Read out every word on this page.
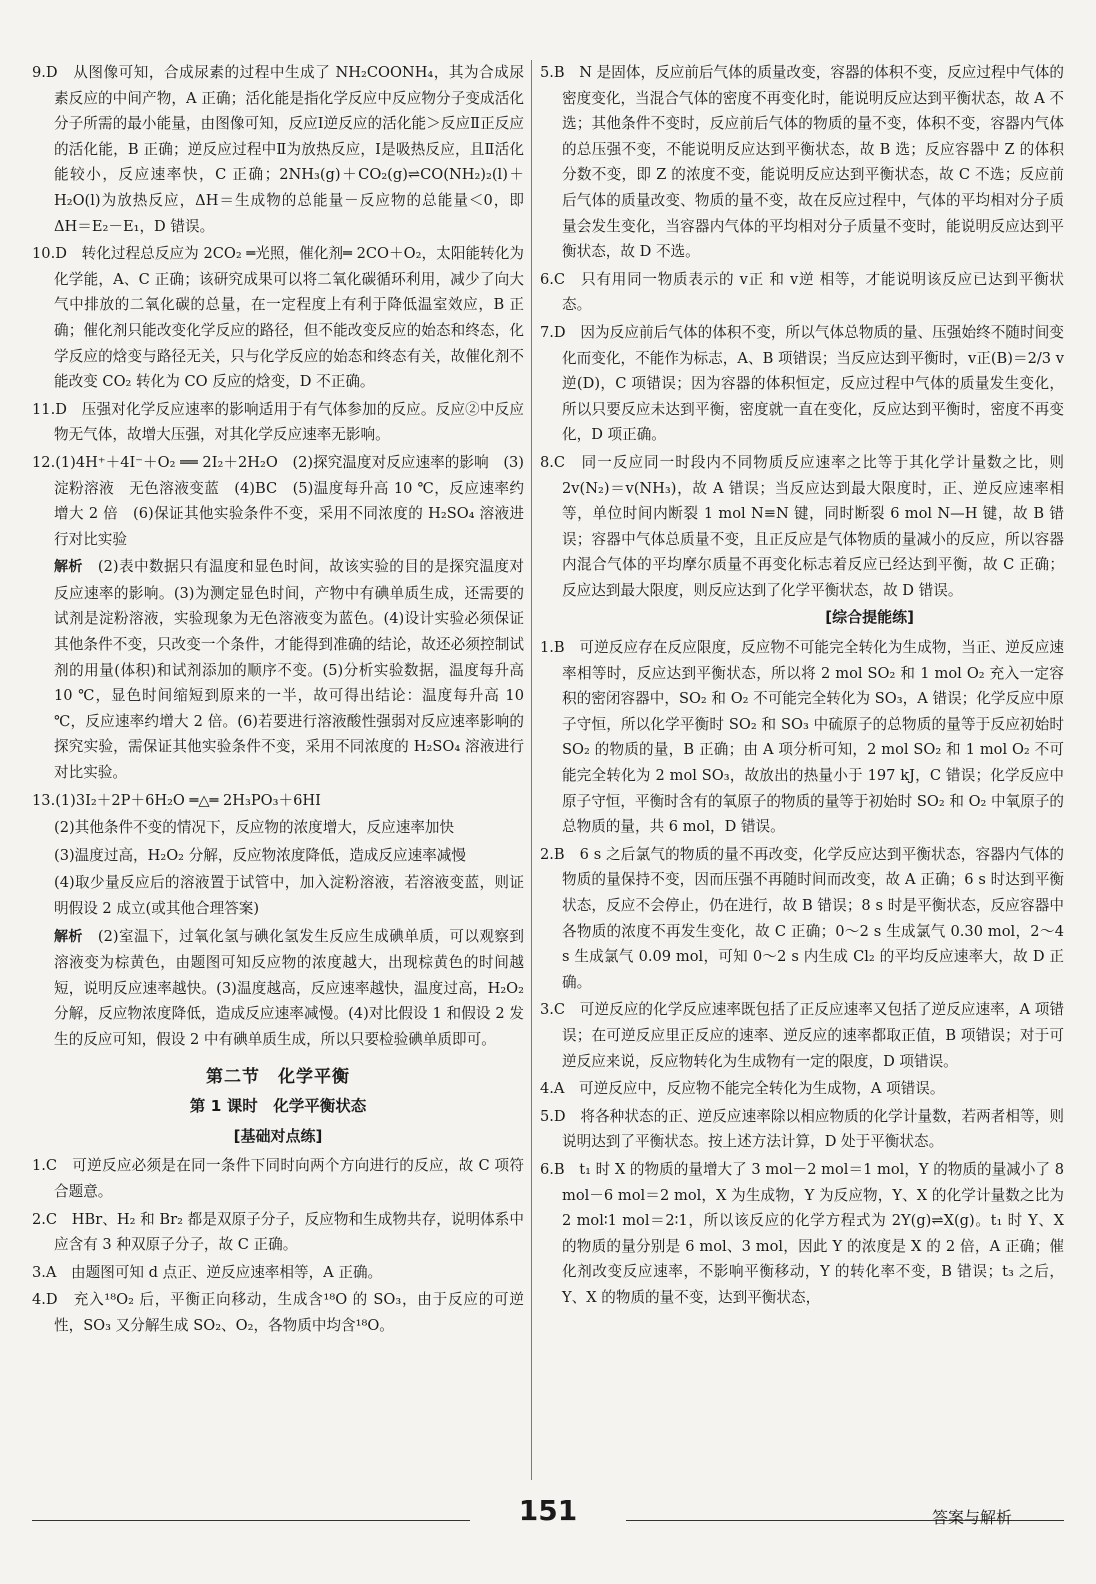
9.D　从图像可知，合成尿素的过程中生成了 NH₂COONH₄，其为合成尿素反应的中间产物，A 正确；活化能是指化学反应中反应物分子变成活化分子所需的最小能量，由图像可知，反应Ⅰ逆反应的活化能＞反应Ⅱ正反应的活化能，B 正确；逆反应过程中Ⅱ为放热反应，Ⅰ是吸热反应，且Ⅱ活化能较小，反应速率快，C 正确；2NH₃(g)＋CO₂(g)⇌CO(NH₂)₂(l)＋H₂O(l)为放热反应，ΔH＝生成物的总能量－反应物的总能量＜0，即 ΔH＝E₂－E₁，D 错误。

10.D　转化过程总反应为 2CO₂ ═光照，催化剂═ 2CO＋O₂，太阳能转化为化学能，A、C 正确；该研究成果可以将二氧化碳循环利用，减少了向大气中排放的二氧化碳的总量，在一定程度上有利于降低温室效应，B 正确；催化剂只能改变化学反应的路径，但不能改变反应的始态和终态，化学反应的焓变与路径无关，只与化学反应的始态和终态有关，故催化剂不能改变 CO₂ 转化为 CO 反应的焓变，D 不正确。

11.D　压强对化学反应速率的影响适用于有气体参加的反应。反应②中反应物无气体，故增大压强，对其化学反应速率无影响。

12.(1)4H⁺＋4I⁻＋O₂ ══ 2I₂＋2H₂O　(2)探究温度对反应速率的影响　(3)淀粉溶液　无色溶液变蓝　(4)BC　(5)温度每升高 10 ℃，反应速率约增大 2 倍　(6)保证其他实验条件不变，采用不同浓度的 H₂SO₄ 溶液进行对比实验

解析　 (2)表中数据只有温度和显色时间，故该实验的目的是探究温度对反应速率的影响。(3)为测定显色时间，产物中有碘单质生成，还需要的试剂是淀粉溶液，实验现象为无色溶液变为蓝色。(4)设计实验必须保证其他条件不变，只改变一个条件，才能得到准确的结论，故还必须控制试剂的用量(体积)和试剂添加的顺序不变。(5)分析实验数据，温度每升高 10 ℃，显色时间缩短到原来的一半，故可得出结论：温度每升高 10 ℃，反应速率约增大 2 倍。(6)若要进行溶液酸性强弱对反应速率影响的探究实验，需保证其他实验条件不变，采用不同浓度的 H₂SO₄ 溶液进行对比实验。

13.(1)3I₂＋2P＋6H₂O ═△═ 2H₃PO₃＋6HI

(2)其他条件不变的情况下，反应物的浓度增大，反应速率加快

(3)温度过高，H₂O₂ 分解，反应物浓度降低，造成反应速率减慢

(4)取少量反应后的溶液置于试管中，加入淀粉溶液，若溶液变蓝，则证明假设 2 成立(或其他合理答案)

解析　 (2)室温下，过氧化氢与碘化氢发生反应生成碘单质，可以观察到溶液变为棕黄色，由题图可知反应物的浓度越大，出现棕黄色的时间越短，说明反应速率越快。(3)温度越高，反应速率越快，温度过高，H₂O₂ 分解，反应物浓度降低，造成反应速率减慢。(4)对比假设 1 和假设 2 发生的反应可知，假设 2 中有碘单质生成，所以只要检验碘单质即可。

第二节　化学平衡
第 1 课时　化学平衡状态
[基础对点练]

1.C　可逆反应必须是在同一条件下同时向两个方向进行的反应，故 C 项符合题意。

2.C　HBr、H₂ 和 Br₂ 都是双原子分子，反应物和生成物共存，说明体系中应含有 3 种双原子分子，故 C 正确。

3.A　由题图可知 d 点正、逆反应速率相等，A 正确。

4.D　充入¹⁸O₂ 后，平衡正向移动，生成含¹⁸O 的 SO₃，由于反应的可逆性，SO₃ 又分解生成 SO₂、O₂，各物质中均含¹⁸O。

5.B　N 是固体，反应前后气体的质量改变，容器的体积不变，反应过程中气体的密度变化，当混合气体的密度不再变化时，能说明反应达到平衡状态，故 A 不选；其他条件不变时，反应前后气体的物质的量不变，体积不变，容器内气体的总压强不变，不能说明反应达到平衡状态，故 B 选；反应容器中 Z 的体积分数不变，即 Z 的浓度不变，能说明反应达到平衡状态，故 C 不选；反应前后气体的质量改变、物质的量不变，故在反应过程中，气体的平均相对分子质量会发生变化，当容器内气体的平均相对分子质量不变时，能说明反应达到平衡状态，故 D 不选。

6.C　只有用同一物质表示的 v正 和 v逆 相等，才能说明该反应已达到平衡状态。

7.D　因为反应前后气体的体积不变，所以气体总物质的量、压强始终不随时间变化而变化，不能作为标志，A、B 项错误；当反应达到平衡时，v正(B)＝2/3 v逆(D)，C 项错误；因为容器的体积恒定，反应过程中气体的质量发生变化，所以只要反应未达到平衡，密度就一直在变化，反应达到平衡时，密度不再变化，D 项正确。

8.C　同一反应同一时段内不同物质反应速率之比等于其化学计量数之比，则 2v(N₂)＝v(NH₃)，故 A 错误；当反应达到最大限度时，正、逆反应速率相等，单位时间内断裂 1 mol N≡N 键，同时断裂 6 mol N—H 键，故 B 错误；容器中气体总质量不变，且正反应是气体物质的量减小的反应，所以容器内混合气体的平均摩尔质量不再变化标志着反应已经达到平衡，故 C 正确；反应达到最大限度，则反应达到了化学平衡状态，故 D 错误。

[综合提能练]

1.B　可逆反应存在反应限度，反应物不可能完全转化为生成物，当正、逆反应速率相等时，反应达到平衡状态，所以将 2 mol SO₂ 和 1 mol O₂ 充入一定容积的密闭容器中，SO₂ 和 O₂ 不可能完全转化为 SO₃，A 错误；化学反应中原子守恒，所以化学平衡时 SO₂ 和 SO₃ 中硫原子的总物质的量等于反应初始时 SO₂ 的物质的量，B 正确；由 A 项分析可知，2 mol SO₂ 和 1 mol O₂ 不可能完全转化为 2 mol SO₃，故放出的热量小于 197 kJ，C 错误；化学反应中原子守恒，平衡时含有的氧原子的物质的量等于初始时 SO₂ 和 O₂ 中氧原子的总物质的量，共 6 mol，D 错误。

2.B　6 s 之后氯气的物质的量不再改变，化学反应达到平衡状态，容器内气体的物质的量保持不变，因而压强不再随时间而改变，故 A 正确；6 s 时达到平衡状态，反应不会停止，仍在进行，故 B 错误；8 s 时是平衡状态，反应容器中各物质的浓度不再发生变化，故 C 正确；0～2 s 生成氯气 0.30 mol，2～4 s 生成氯气 0.09 mol，可知 0～2 s 内生成 Cl₂ 的平均反应速率大，故 D 正确。

3.C　可逆反应的化学反应速率既包括了正反应速率又包括了逆反应速率，A 项错误；在可逆反应里正反应的速率、逆反应的速率都取正值，B 项错误；对于可逆反应来说，反应物转化为生成物有一定的限度，D 项错误。

4.A　可逆反应中，反应物不能完全转化为生成物，A 项错误。

5.D　将各种状态的正、逆反应速率除以相应物质的化学计量数，若两者相等，则说明达到了平衡状态。按上述方法计算，D 处于平衡状态。

6.B　t₁ 时 X 的物质的量增大了 3 mol－2 mol＝1 mol，Y 的物质的量减小了 8 mol－6 mol＝2 mol，X 为生成物，Y 为反应物，Y、X 的化学计量数之比为 2 mol∶1 mol＝2∶1，所以该反应的化学方程式为 2Y(g)⇌X(g)。t₁ 时 Y、X 的物质的量分别是 6 mol、3 mol，因此 Y 的浓度是 X 的 2 倍，A 正确；催化剂改变反应速率，不影响平衡移动，Y 的转化率不变，B 错误；t₃ 之后，Y、X 的物质的量不变，达到平衡状态，

151	答案与解析
